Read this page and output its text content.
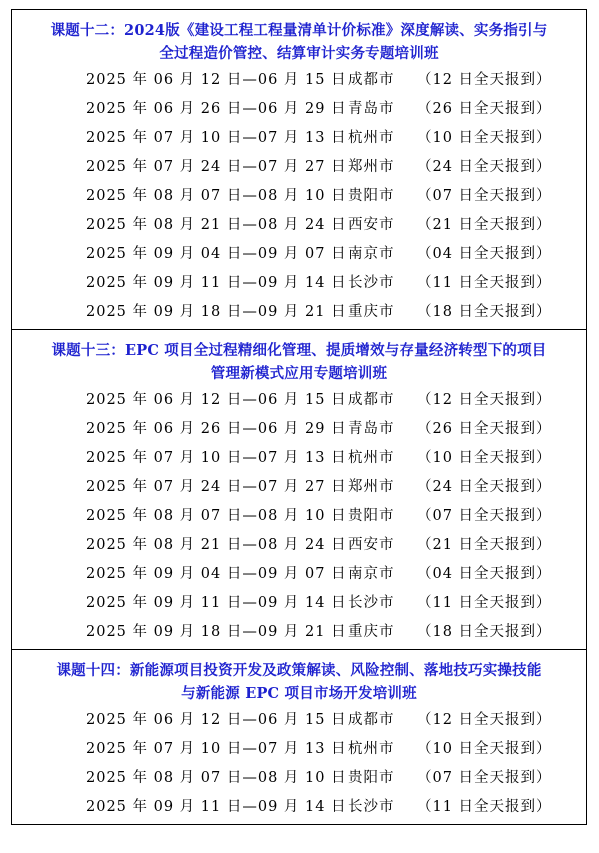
课题十二：2024版《建设工程工程量清单计价标准》深度解读、实务指引与
全过程造价管控、结算审计实务专题培训班
2025 年 06 月 12 日—06 月 15 日 成都市 （12 日全天报到）
2025 年 06 月 26 日—06 月 29 日 青岛市 （26 日全天报到）
2025 年 07 月 10 日—07 月 13 日 杭州市 （10 日全天报到）
2025 年 07 月 24 日—07 月 27 日 郑州市 （24 日全天报到）
2025 年 08 月 07 日—08 月 10 日 贵阳市 （07 日全天报到）
2025 年 08 月 21 日—08 月 24 日 西安市 （21 日全天报到）
2025 年 09 月 04 日—09 月 07 日 南京市 （04 日全天报到）
2025 年 09 月 11 日—09 月 14 日 长沙市 （11 日全天报到）
2025 年 09 月 18 日—09 月 21 日 重庆市 （18 日全天报到）
课题十三：EPC 项目全过程精细化管理、提质增效与存量经济转型下的项目
管理新模式应用专题培训班
2025 年 06 月 12 日—06 月 15 日 成都市 （12 日全天报到）
2025 年 06 月 26 日—06 月 29 日 青岛市 （26 日全天报到）
2025 年 07 月 10 日—07 月 13 日 杭州市 （10 日全天报到）
2025 年 07 月 24 日—07 月 27 日 郑州市 （24 日全天报到）
2025 年 08 月 07 日—08 月 10 日 贵阳市 （07 日全天报到）
2025 年 08 月 21 日—08 月 24 日 西安市 （21 日全天报到）
2025 年 09 月 04 日—09 月 07 日 南京市 （04 日全天报到）
2025 年 09 月 11 日—09 月 14 日 长沙市 （11 日全天报到）
2025 年 09 月 18 日—09 月 21 日 重庆市 （18 日全天报到）
课题十四：新能源项目投资开发及政策解读、风险控制、落地技巧实操技能
与新能源 EPC 项目市场开发培训班
2025 年 06 月 12 日—06 月 15 日 成都市 （12 日全天报到）
2025 年 07 月 10 日—07 月 13 日 杭州市 （10 日全天报到）
2025 年 08 月 07 日—08 月 10 日 贵阳市 （07 日全天报到）
2025 年 09 月 11 日—09 月 14 日 长沙市 （11 日全天报到）
